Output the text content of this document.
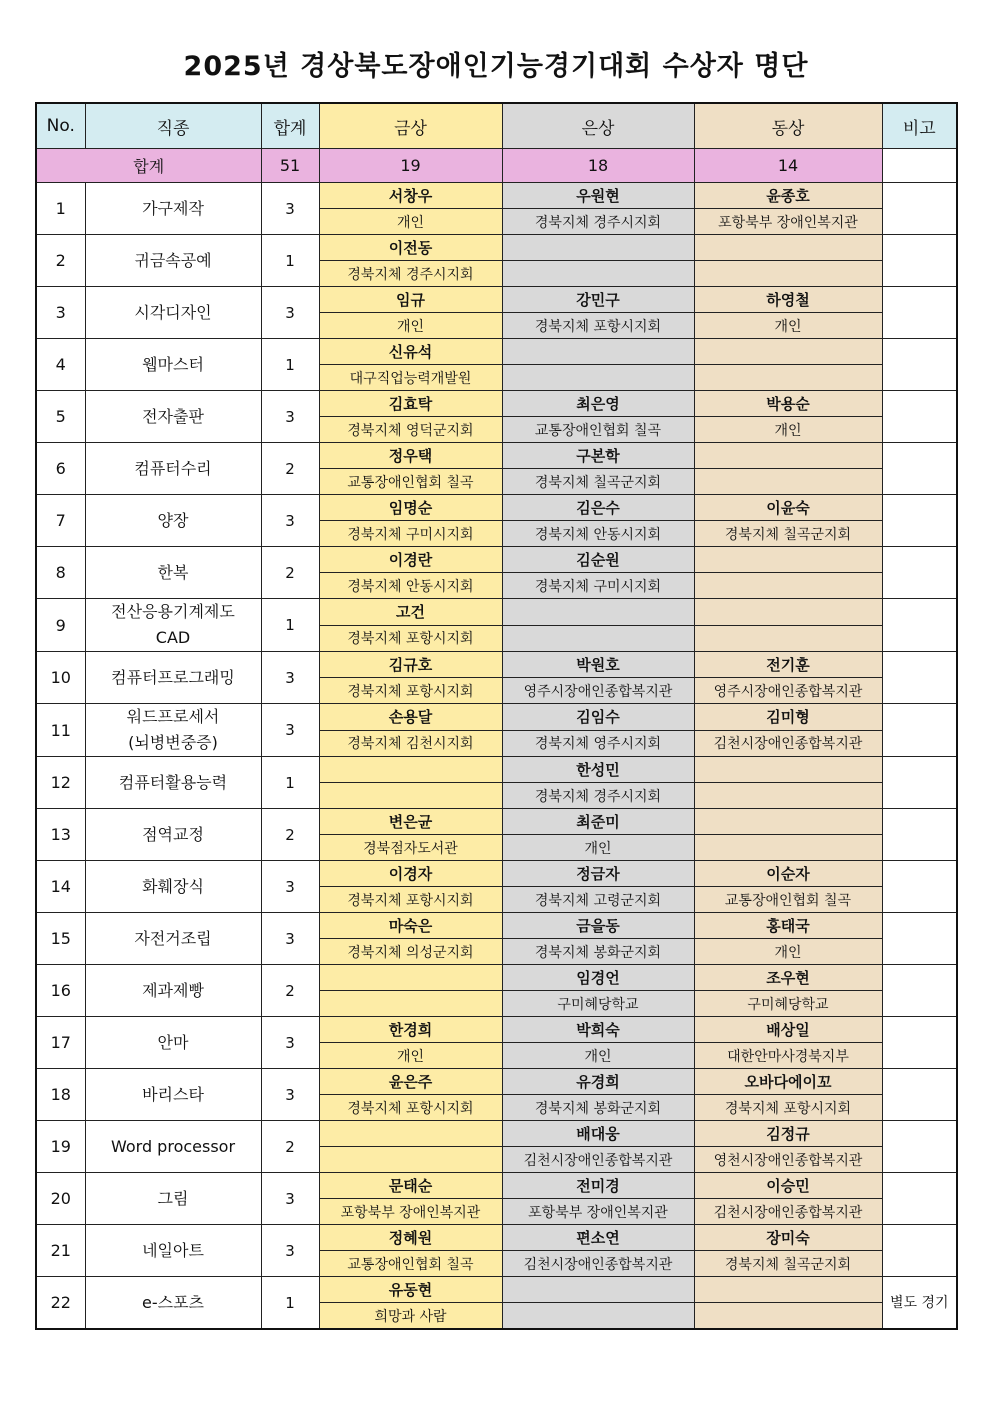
2025년 경상북도장애인기능경기대회 수상자 명단
No.	직종	합계	금상	은상	동상	비고
합계		51	19	18	14	
1	가구제작	3	서창우	우원현	윤종호	
			개인	경북지체 경주시지회	포항북부 장애인복지관	
2	귀금속공예	1	이전동			
			경북지체 경주시지회			
3	시각디자인	3	임규	강민구	하영철	
			개인	경북지체 포항시지회	개인	
4	웹마스터	1	신유석			
			대구직업능력개발원			
5	전자출판	3	김효탁	최은영	박용순	
			경북지체 영덕군지회	교통장애인협회 칠곡	개인	
6	컴퓨터수리	2	정우택	구본학		
			교통장애인협회 칠곡	경북지체 칠곡군지회		
7	양장	3	임명순	김은수	이윤숙	
			경북지체 구미시지회	경북지체 안동시지회	경북지체 칠곡군지회	
8	한복	2	이경란	김순원		
			경북지체 안동시지회	경북지체 구미시지회		
9	전산응용기계제도
CAD	1	고건			
			경북지체 포항시지회			
10	컴퓨터프로그래밍	3	김규호	박원호	전기훈	
			경북지체 포항시지회	영주시장애인종합복지관	영주시장애인종합복지관	
11	워드프로세서
(뇌병변중증)	3	손용달	김임수	김미형	
			경북지체 김천시지회	경북지체 영주시지회	김천시장애인종합복지관	
12	컴퓨터활용능력	1		한성민		
				경북지체 경주시지회		
13	점역교정	2	변은균	최준미		
			경북점자도서관	개인		
14	화훼장식	3	이경자	정금자	이순자	
			경북지체 포항시지회	경북지체 고령군지회	교통장애인협회 칠곡	
15	자전거조립	3	마숙은	금을동	홍태국	
			경북지체 의성군지회	경북지체 봉화군지회	개인	
16	제과제빵	2		임경언	조우현	
				구미혜당학교	구미혜당학교	
17	안마	3	한경희	박희숙	배상일	
			개인	개인	대한안마사경북지부	
18	바리스타	3	윤은주	유경희	오바다에이꼬	
			경북지체 포항시지회	경북지체 봉화군지회	경북지체 포항시지회	
19	Word processor	2		배대웅	김정규	
				김천시장애인종합복지관	영천시장애인종합복지관	
20	그림	3	문태순	전미경	이승민	
			포항북부 장애인복지관	포항북부 장애인복지관	김천시장애인종합복지관	
21	네일아트	3	정혜원	편소연	장미숙	
			교통장애인협회 칠곡	김천시장애인종합복지관	경북지체 칠곡군지회	
22	e-스포츠	1	유동현			별도 경기
			희망과 사람			
